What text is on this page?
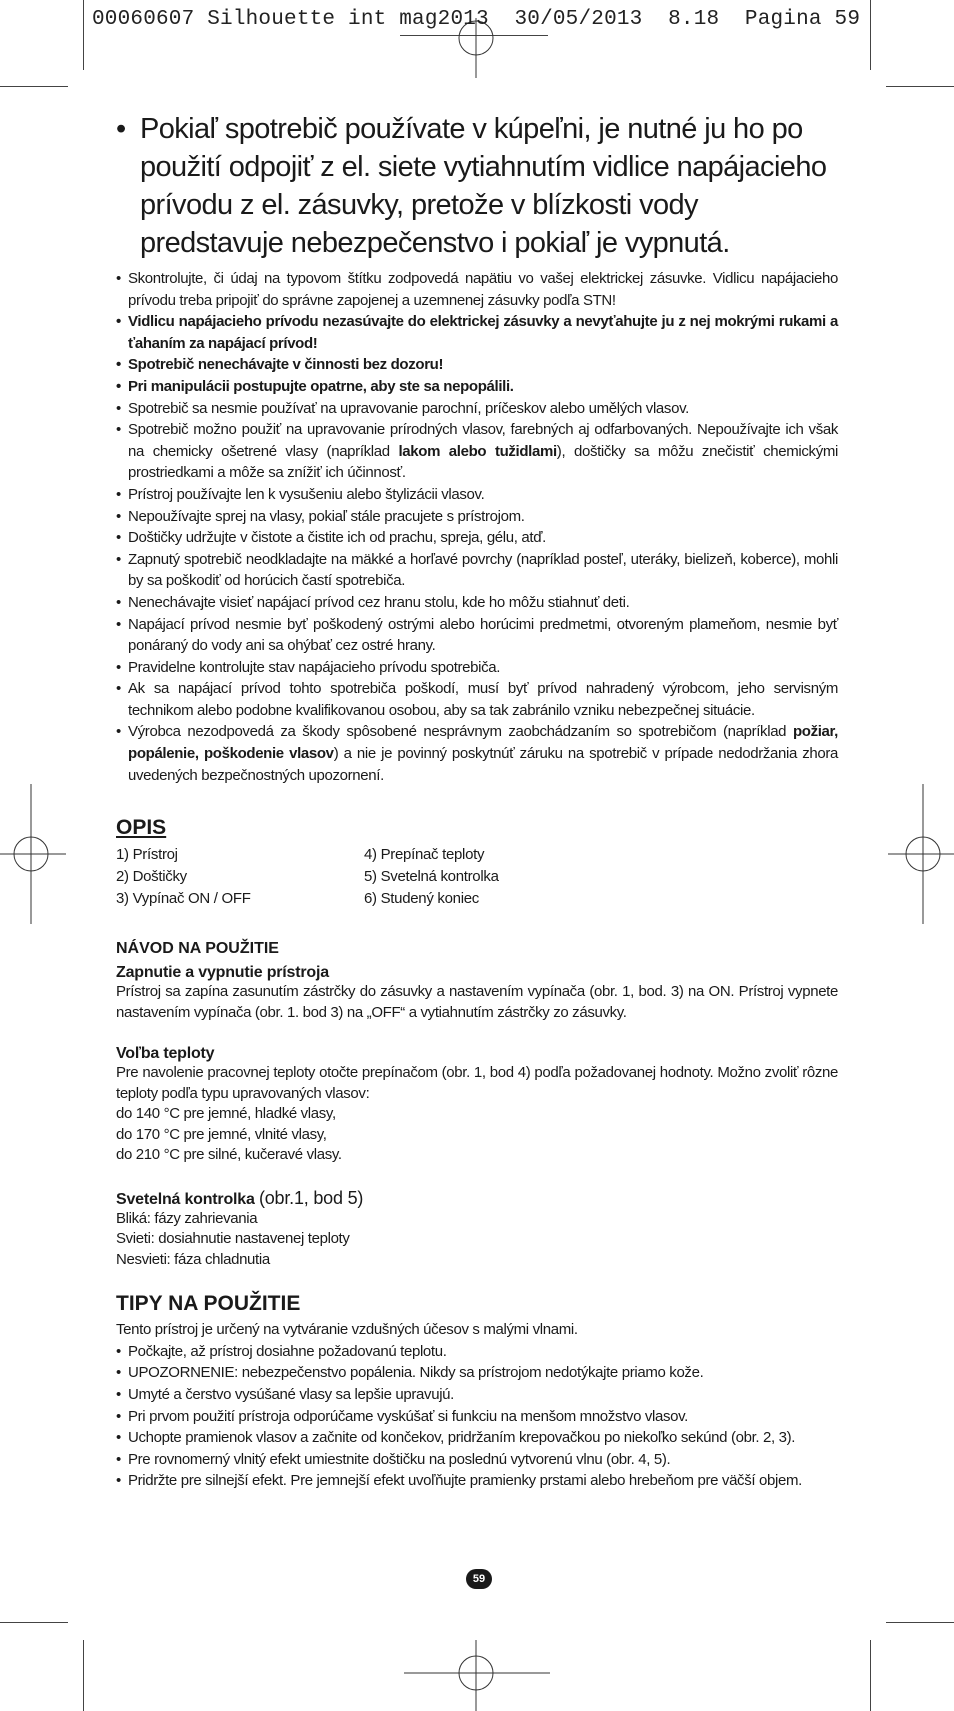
00060607 Silhouette int mag2013  30/05/2013  8.18  Pagina 59
• Pokiaľ spotrebič používate v kúpeľni, je nutné ju ho po použití odpojiť z el. siete vytiahnutím vidlice napájacieho prívodu z el. zásuvky, pretože v blízkosti vody predstavuje nebezpečenstvo i pokiaľ je vypnutá.
• Skontrolujte, či údaj na typovom štítku zodpovedá napätiu vo vašej elektrickej zásuvke. Vidlicu napájacieho prívodu treba pripojiť do správne zapojenej a uzemnenej zásuvky podľa STN!
• Vidlicu napájacieho prívodu nezasúvajte do elektrickej zásuvky a nevyťahujte ju z nej mokrými rukami a ťahaním za napájací prívod!
• Spotrebič nenechávajte v činnosti bez dozoru!
• Pri manipulácii postupujte opatrne, aby ste sa nepopálili.
• Spotrebič sa nesmie používať na upravovanie parochní, príčeskov alebo umělých vlasov.
• Spotrebič možno použiť na upravovanie prírodných vlasov, farebných aj odfarbovaných. Nepoužívajte ich však na chemicky ošetrené vlasy (napríklad lakom alebo tužidlami), doštičky sa môžu znečistiť chemickými prostriedkami a môže sa znížiť ich účinnosť.
• Prístroj používajte len k vysušeniu alebo štylizácii vlasov.
• Nepoužívajte sprej na vlasy, pokiaľ stále pracujete s prístrojom.
• Doštičky udržujte v čistote a čistite ich od prachu, spreja, gélu, atď.
• Zapnutý spotrebič neodkladajte na mäkké a horľavé povrchy (napríklad posteľ, uteráky, bielizeň, koberce), mohli by sa poškodiť od horúcich častí spotrebiča.
• Nenechávajte visieť napájací prívod cez hranu stolu, kde ho môžu stiahnuť deti.
• Napájací prívod nesmie byť poškodený ostrými alebo horúcimi predmetmi, otvoreným plameňom, nesmie byť ponáraný do vody ani sa ohýbať cez ostré hrany.
• Pravidelne kontrolujte stav napájacieho prívodu spotrebiča.
• Ak sa napájací prívod tohto spotrebiča poškodí, musí byť prívod nahradený výrobcom, jeho servisným technikom alebo podobne kvalifikovanou osobou, aby sa tak zabránilo vzniku nebezpečnej situácie.
• Výrobca nezodpovedá za škody spôsobené nesprávnym zaobchádzaním so spotrebičom (napríklad požiar, popálenie, poškodenie vlasov) a nie je povinný poskytnúť záruku na spotrebič v prípade nedodržania zhora uvedených bezpečnostných upozornení.
OPIS
1) Prístroj	4) Prepínač teploty
2) Doštičky	5) Svetelná kontrolka
3) Vypínač ON / OFF	6) Studený koniec
NÁVOD NA POUŽITIE
Zapnutie a vypnutie prístroja
Prístroj sa zapína zasunutím zástrčky do zásuvky a nastavením vypínača (obr. 1, bod. 3) na ON. Prístroj vypnete nastavením vypínača (obr. 1. bod 3) na „OFF“ a vytiahnutím zástrčky zo zásuvky.
Voľba teploty
Pre navolenie pracovnej teploty otočte prepínačom (obr. 1, bod 4) podľa požadovanej hodnoty. Možno zvoliť rôzne teploty podľa typu upravovaných vlasov:
do 140 °C pre jemné, hladké vlasy,
do 170 °C pre jemné, vlnité vlasy,
do 210 °C pre silné, kučeravé vlasy.
Svetelná kontrolka (obr.1, bod 5)
Bliká: fázy zahrievania
Svieti: dosiahnutie nastavenej teploty
Nesvieti: fáza chladnutia
TIPY NA POUŽITIE
Tento prístroj je určený na vytváranie vzdušných účesov s malými vlnami.
• Počkajte, až prístroj dosiahne požadovanú teplotu.
• UPOZORNENIE: nebezpečenstvo popálenia. Nikdy sa prístrojom nedotýkajte priamo kože.
• Umyté a čerstvo vysúšané vlasy sa lepšie upravujú.
• Pri prvom použití prístroja odporúčame vyskúšať si funkciu na menšom množstvo vlasov.
• Uchopte pramienok vlasov a začnite od končekov, pridržaním krepovačkou po niekoľko sekúnd (obr. 2, 3).
• Pre rovnomerný vlnitý efekt umiestnite doštičku na poslednú vytvorenú vlnu (obr. 4, 5).
• Pridržte pre silnejší efekt. Pre jemnejší efekt uvoľňujte pramienky prstami alebo hrebeňom pre väčší objem.
59
